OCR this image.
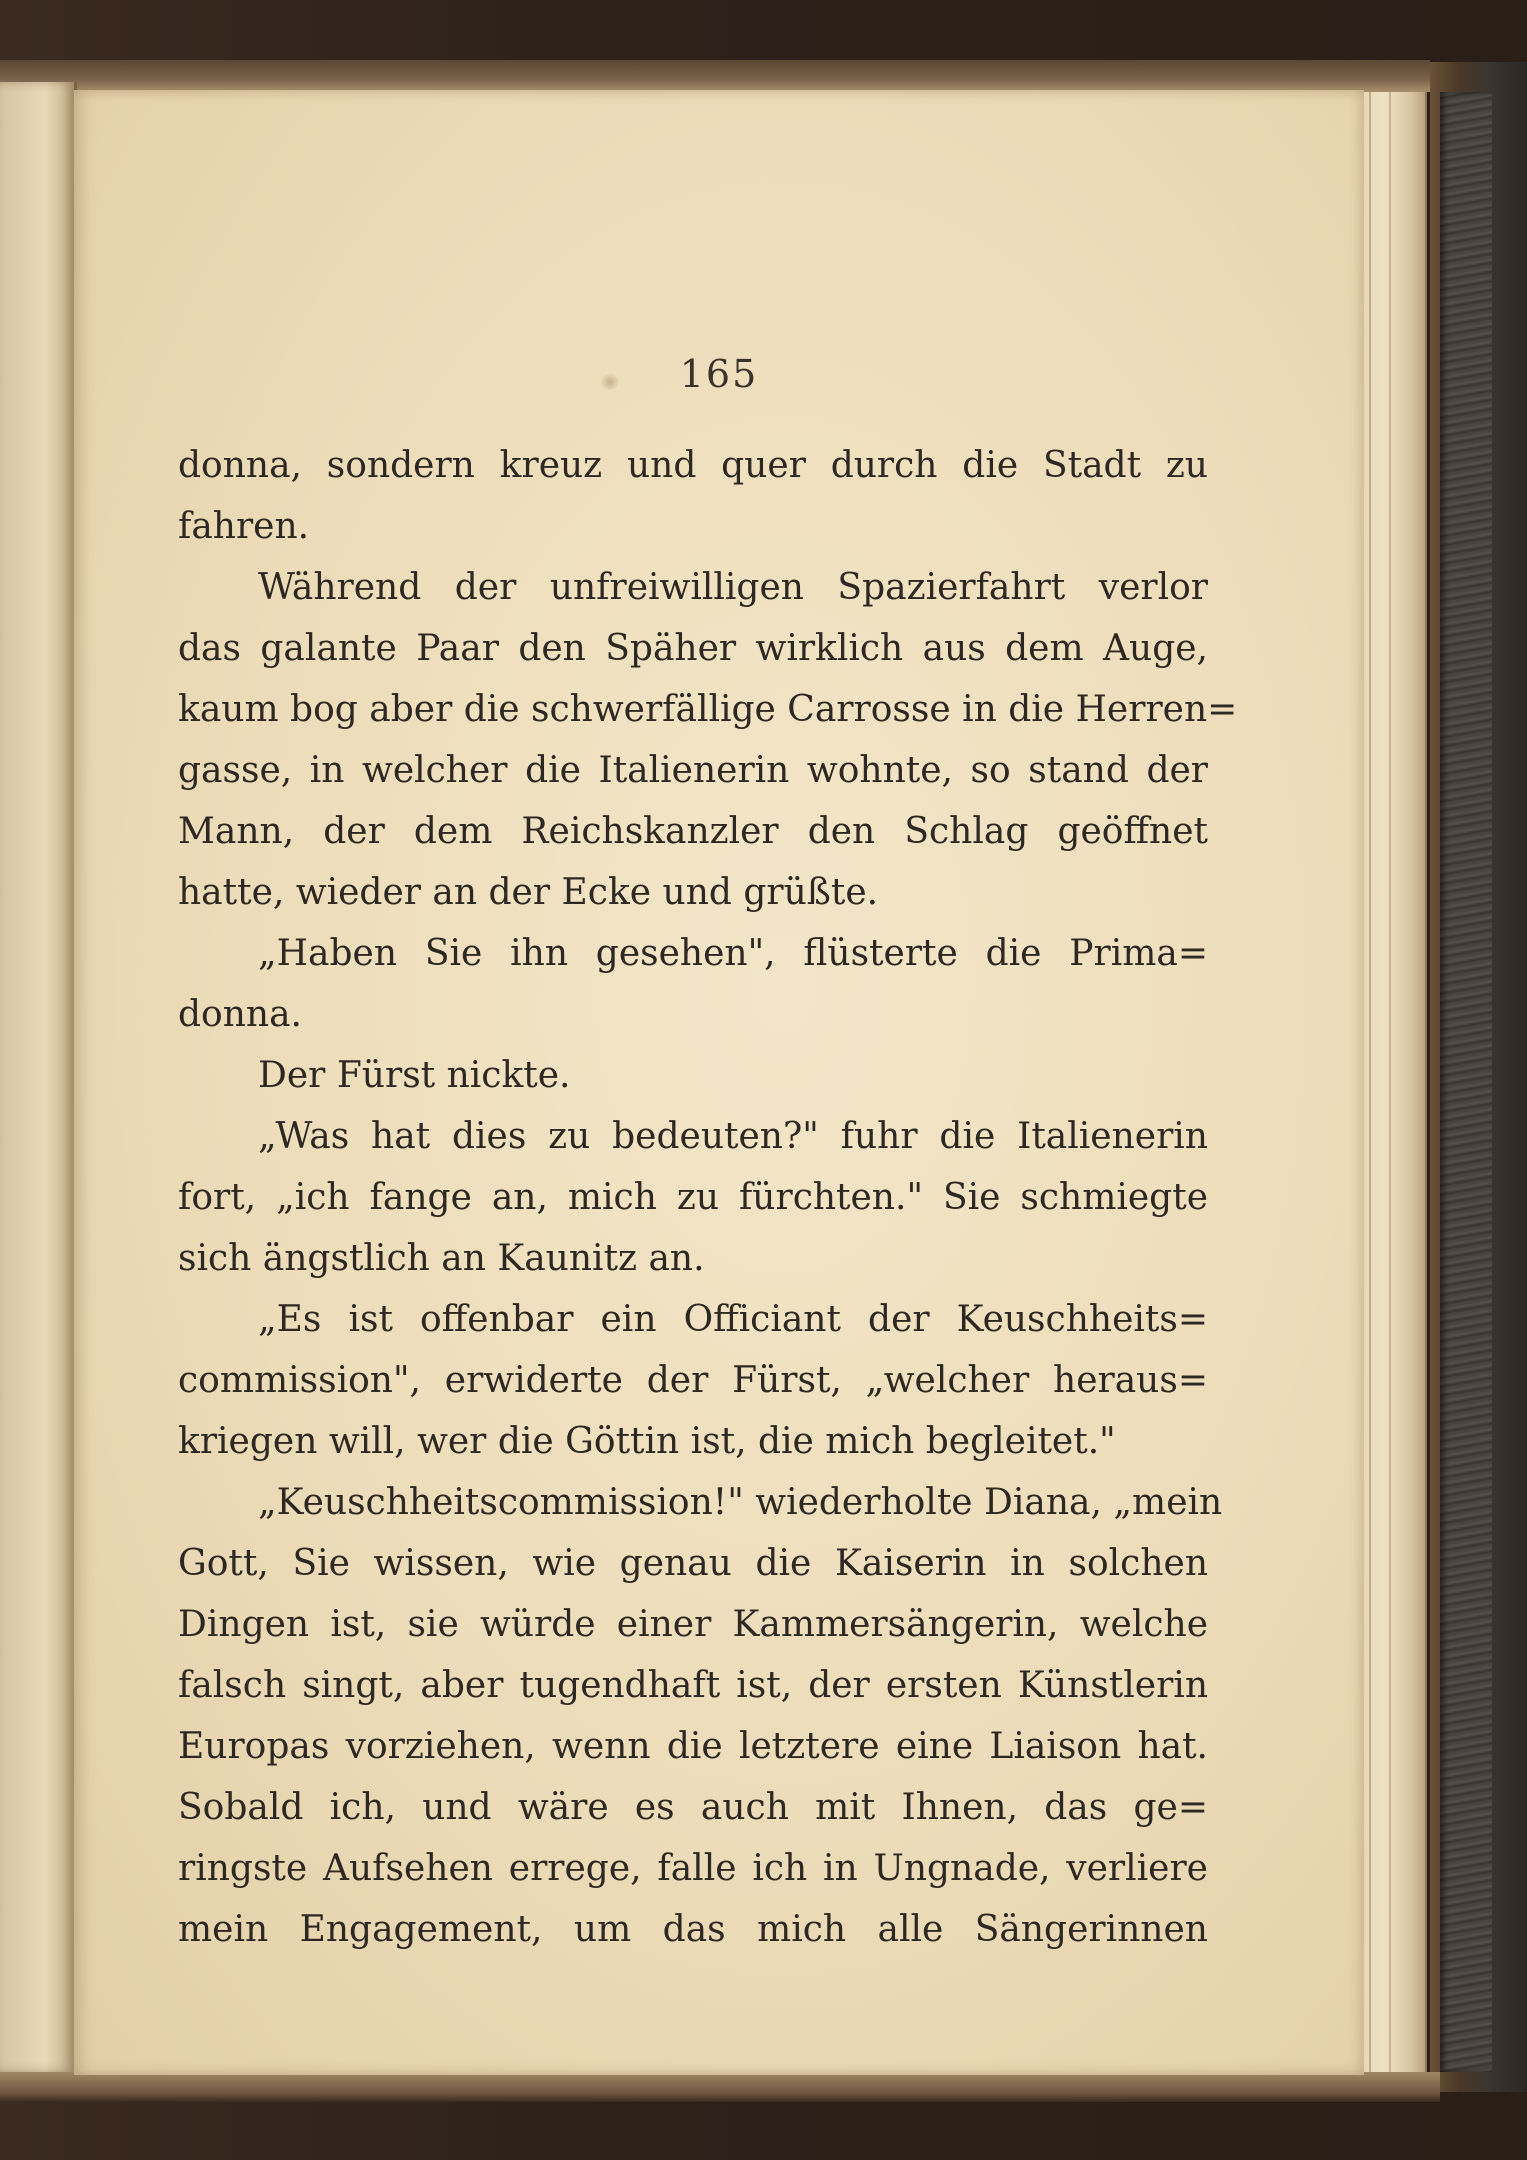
165
donna, sondern kreuz und quer durch die Stadt zu
fahren.
Während der unfreiwilligen Spazierfahrt verlor
das galante Paar den Späher wirklich aus dem Auge,
kaum bog aber die schwerfällige Carrosse in die Herren=
gasse, in welcher die Italienerin wohnte, so stand der
Mann, der dem Reichskanzler den Schlag geöffnet
hatte, wieder an der Ecke und grüßte.
„Haben Sie ihn gesehen", flüsterte die Prima=
donna.
Der Fürst nickte.
„Was hat dies zu bedeuten?" fuhr die Italienerin
fort, „ich fange an, mich zu fürchten." Sie schmiegte
sich ängstlich an Kaunitz an.
„Es ist offenbar ein Officiant der Keuschheits=
commission", erwiderte der Fürst, „welcher heraus=
kriegen will, wer die Göttin ist, die mich begleitet."
„Keuschheitscommission!" wiederholte Diana, „mein
Gott, Sie wissen, wie genau die Kaiserin in solchen
Dingen ist, sie würde einer Kammersängerin, welche
falsch singt, aber tugendhaft ist, der ersten Künstlerin
Europas vorziehen, wenn die letztere eine Liaison hat.
Sobald ich, und wäre es auch mit Ihnen, das ge=
ringste Aufsehen errege, falle ich in Ungnade, verliere
mein Engagement, um das mich alle Sängerinnen
